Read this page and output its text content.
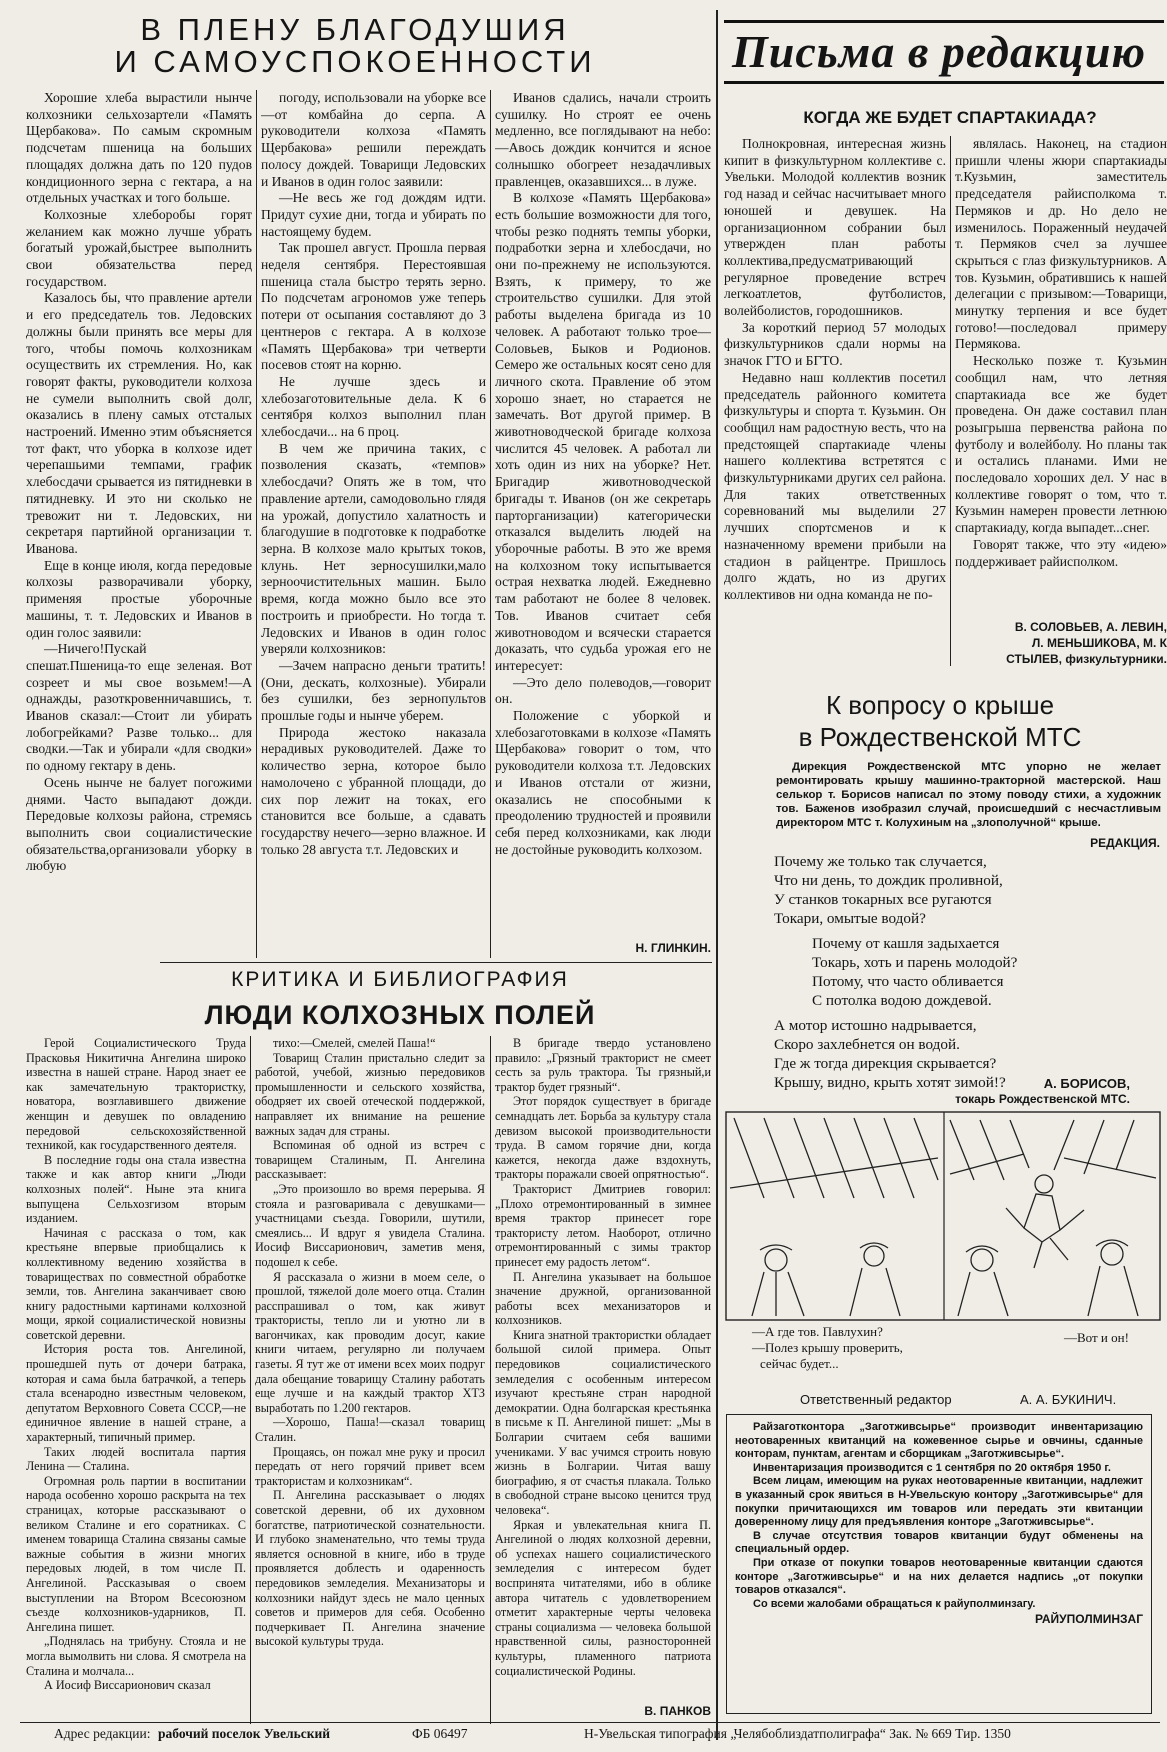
В ПЛЕНУ БЛАГОДУШИЯ
И САМОУСПОКОЕННОСТИ

Хорошие хлеба вырастили нынче колхозники сельхозартели «Память Щербакова». По самым скромным подсчетам пшеница на больших площадях должна дать по 120 пудов кондиционного зерна с гектара, а на отдельных участках и того больше.

Колхозные хлеборобы горят желанием как можно лучше убрать богатый урожай,быстрее выполнить свои обязательства перед государством.

Казалось бы, что правление артели и его председатель тов. Ледовских должны были принять все меры для того, чтобы помочь колхозникам осуществить их стремления. Но, как говорят факты, руководители колхоза не сумели выполнить свой долг, оказались в плену самых отсталых настроений. Именно этим объясняется тот факт, что уборка в колхозе идет черепашьими темпами, график хлебосдачи срывается из пятидневки в пятидневку. И это ни сколько не тревожит ни т. Ледовских, ни секретаря партийной организации т. Иванова.

Еще в конце июля, когда передовые колхозы разворачивали уборку, применяя простые уборочные машины, т. т. Ледовских и Иванов в один голос заявили:

—Ничего!Пускай спешат.Пшеница-то еще зеленая. Вот созреет и мы свое возьмем!—А однажды, разоткровенничавшись, т. Иванов сказал:—Стоит ли убирать лобогрейками? Разве только... для сводки.—Так и убирали «для сводки» по одному гектару в день.

Осень нынче не балует погожими днями. Часто выпадают дожди. Передовые колхозы района, стремясь выполнить свои социалистические обязательства,организовали уборку в любую

погоду, использовали на уборке все—от комбайна до серпа. А руководители колхоза «Память Щербакова» решили переждать полосу дождей. Товарищи Ледовских и Иванов в один голос заявили:

—Не весь же год дождям идти. Придут сухие дни, тогда и убирать по настоящему будем.

Так прошел август. Прошла первая неделя сентября. Перестоявшая пшеница стала быстро терять зерно. По подсчетам агрономов уже теперь потери от осыпания составляют до 3 центнеров с гектара. А в колхозе «Память Щербакова» три четверти посевов стоят на корню.

Не лучше здесь и хлебозаготовительные дела. К 6 сентября колхоз выполнил план хлебосдачи... на 6 проц.

В чем же причина таких, с позволения сказать, «темпов» хлебосдачи? Опять же в том, что правление артели, самодовольно глядя на урожай, допустило халатность и благодушие в подготовке к подработке зерна. В колхозе мало крытых токов, клунь. Нет зерносушилки,мало зерноочистительных машин. Было время, когда можно было все это построить и приобрести. Но тогда т. Ледовских и Иванов в один голос уверяли колхозников:

—Зачем напрасно деньги тратить! (Они, дескать, колхозные). Убирали без сушилки, без зернопультов прошлые годы и нынче уберем.

Природа жестоко наказала нерадивых руководителей. Даже то количество зерна, которое было намолочено с убранной площади, до сих пор лежит на токах, его становится все больше, а сдавать государству нечего—зерно влажное. И только 28 августа т.т. Ледовских и

Иванов сдались, начали строить сушилку. Но строят ее очень медленно, все поглядывают на небо:—Авось дождик кончится и ясное солнышко обогреет незадачливых правленцев, оказавшихся... в луже.

В колхозе «Память Щербакова» есть большие возможности для того, чтобы резко поднять темпы уборки, подработки зерна и хлебосдачи, но они по-прежнему не используются. Взять, к примеру, то же строительство сушилки. Для этой работы выделена бригада из 10 человек. А работают только трое—Соловьев, Быков и Родионов. Семеро же остальных косят сено для личного скота. Правление об этом хорошо знает, но старается не замечать. Вот другой пример. В животноводческой бригаде колхоза числится 45 человек. А работал ли хоть один из них на уборке? Нет. Бригадир животноводческой бригады т. Иванов (он же секретарь парторганизации) категорически отказался выделить людей на уборочные работы. В это же время на колхозном току испытывается острая нехватка людей. Ежедневно там работают не более 8 человек. Тов. Иванов считает себя животноводом и всячески старается доказать, что судьба урожая его не интересует:

—Это дело полеводов,—говорит он.

Положение с уборкой и хлебозаготовками в колхозе «Память Щербакова» говорит о том, что руководители колхоза т.т. Ледовских и Иванов отстали от жизни, оказались не способными к преодолению трудностей и проявили себя перед колхозниками, как люди не достойные руководить колхозом.

Н. ГЛИНКИН.
КРИТИКА И БИБЛИОГРАФИЯ
ЛЮДИ КОЛХОЗНЫХ ПОЛЕЙ

Герой Социалистического Труда Прасковья Никитична Ангелина широко известна в нашей стране. Народ знает ее как замечательную трактористку, новатора, возглавившего движение женщин и девушек по овладению передовой сельскохозяйственной техникой, как государственного деятеля.

В последние годы она стала известна также и как автор книги „Люди колхозных полей“. Ныне эта книга выпущена Сельхозгизом вторым изданием.

Начиная с рассказа о том, как крестьяне впервые приобщались к коллективному ведению хозяйства в товариществах по совместной обработке земли, тов. Ангелина заканчивает свою книгу радостными картинами колхозной мощи, яркой социалистической новизны советской деревни.

История роста тов. Ангелиной, прошедшей путь от дочери батрака, которая и сама была батрачкой, а теперь стала всенародно известным человеком, депутатом Верховного Совета СССР,—не единичное явление в нашей стране, а характерный, типичный пример.

Таких людей воспитала партия Ленина — Сталина.

Огромная роль партии в воспитании народа особенно хорошо раскрыта на тех страницах, которые рассказывают о великом Сталине и его соратниках. С именем товарища Сталина связаны самые важные события в жизни многих передовых людей, в том числе П. Ангелиной. Рассказывая о своем выступлении на Втором Всесоюзном съезде колхозников-ударников, П. Ангелина пишет.

„Поднялась на трибуну. Стояла и не могла вымолвить ни слова. Я смотрела на Сталина и молчала...

А Иосиф Виссарионович сказал

тихо:—Смелей, смелей Паша!“

Товарищ Сталин пристально следит за работой, учебой, жизнью передовиков промышленности и сельского хозяйства, ободряет их своей отеческой поддержкой, направляет их внимание на решение важных задач для страны.

Вспоминая об одной из встреч с товарищем Сталиным, П. Ангелина рассказывает:

„Это произошло во время перерыва. Я стояла и разговаривала с девушками—участницами съезда. Говорили, шутили, смеялись... И вдруг я увидела Сталина. Иосиф Виссарионович, заметив меня, подошел к себе.

Я рассказала о жизни в моем селе, о прошлой, тяжелой доле моего отца. Сталин расспрашивал о том, как живут трактористы, тепло ли и уютно ли в вагончиках, как проводим досуг, какие книги читаем, регулярно ли получаем газеты. Я тут же от имени всех моих подруг дала обещание товарищу Сталину работать еще лучше и на каждый трактор ХТЗ выработать по 1.200 гектаров.

—Хорошо, Паша!—сказал товарищ Сталин.

Прощаясь, он пожал мне руку и просил передать от него горячий привет всем трактористам и колхозникам“.

П. Ангелина рассказывает о людях советской деревни, об их духовном богатстве, патриотической сознательности. И глубоко знаменательно, что темы труда является основной в книге, ибо в труде проявляется доблесть и одаренность передовиков земледелия. Механизаторы и колхозники найдут здесь не мало ценных советов и примеров для себя. Особенно подчеркивает П. Ангелина значение высокой культуры труда.

В бригаде твердо установлено правило: „Грязный тракторист не смеет сесть за руль трактора. Ты грязный,и трактор будет грязный“.

Этот порядок существует в бригаде семнадцать лет. Борьба за культуру стала девизом высокой производительности труда. В самом горячие дни, когда кажется, некогда даже вздохнуть, тракторы поражали своей опрятностью“.

Тракторист Дмитриев говорил: „Плохо отремонтированный в зимнее время трактор принесет горе трактористу летом. Наоборот, отлично отремонтированный с зимы трактор принесет ему радость летом“.

П. Ангелина указывает на большое значение дружной, организованной работы всех механизаторов и колхозников.

Книга знатной трактористки обладает большой силой примера. Опыт передовиков социалистического земледелия с особенным интересом изучают крестьяне стран народной демократии. Одна болгарская крестьянка в письме к П. Ангелиной пишет: „Мы в Болгарии считаем себя вашими учениками. У вас учимся строить новую жизнь в Болгарии. Читая вашу биографию, я от счастья плакала. Только в свободной стране высоко ценится труд человека“.

Яркая и увлекательная книга П. Ангелиной о людях колхозной деревни, об успехах нашего социалистического земледелия с интересом будет воспринята читателями, ибо в облике автора читатель с удовлетворением отметит характерные черты человека страны социализма — человека большой нравственной силы, разносторонней культуры, пламенного патриота социалистической Родины.

В. ПАНКОВ
Письма в редакцию
КОГДА ЖЕ БУДЕТ СПАРТАКИАДА?

Полнокровная, интересная жизнь кипит в физкультурном коллективе с. Увельки. Молодой коллектив возник год назад и сейчас насчитывает много юношей и девушек. На организационном собрании был утвержден план работы коллектива,предусматривающий регулярное проведение встреч легкоатлетов, футболистов, волейболистов, городошников.

За короткий период 57 молодых физкультурников сдали нормы на значок ГТО и БГТО.

Недавно наш коллектив посетил председатель районного комитета физкультуры и спорта т. Кузьмин. Он сообщил нам радостную весть, что на предстоящей спартакиаде члены нашего коллектива встретятся с физкультурниками других сел района. Для таких ответственных соревнований мы выделили 27 лучших спортсменов и к назначенному времени прибыли на стадион в райцентре. Пришлось долго ждать, но из других коллективов ни одна команда не по-

являлась. Наконец, на стадион пришли члены жюри спартакиады т.Кузьмин, заместитель председателя райисполкома т. Пермяков и др. Но дело не изменилось. Пораженный неудачей т. Пермяков счел за лучшее скрыться с глаз физкультурников. А тов. Кузьмин, обратившись к нашей делегации с призывом:—Товарищи, минутку терпения и все будет готово!—последовал примеру Пермякова.

Несколько позже т. Кузьмин сообщил нам, что летняя спартакиада все же будет проведена. Он даже составил план розыгрыша первенства района по футболу и волейболу. Но планы так и остались планами. Ими не последовало хороших дел. У нас в коллективе говорят о том, что т. Кузьмин намерен провести летнюю спартакиаду, когда выпадет...снег.

Говорят также, что эту «идею» поддерживает райисполком.

В. СОЛОВЬЕВ, А. ЛЕВИН,
Л. МЕНЬШИКОВА, М. К
СТЫЛЕВ, физкультурники.
К вопросу о крыше
в Рождественской МТС
Дирекция Рождественской МТС упорно не желает ремонтировать крышу машинно-тракторной мастерской. Наш селькор т. Борисов написал по этому поводу стихи, а художник тов. Баженов изобразил случай, происшедший с несчастливым директором МТС т. Колухиным на „злополучной“ крыше.
РЕДАКЦИЯ.

Почему же только так случается,

Что ни день, то дождик проливной,

У станков токарных все ругаются

Токари, омытые водой?

Почему от кашля задыхается

Токарь, хоть и парень молодой?

Потому, что часто обливается

С потолка водою дождевой.

А мотор истошно надрывается,

Скоро захлебнется он водой.

Где ж тогда дирекция скрывается?

Крышу, видно, крыть хотят зимой!?	А. БОРИСОВ,
токарь Рождественской МТС.
—А где тов. Павлухин?
—Полез крышу проверить,
сейчас будет...
—Вот и он!
Ответственный редактор	А. А. БУКИНИЧ.

Райзаготконтора „Заготживсырье“ производит инвентаризацию неотоваренных квитанций на кожевенное сырье и овчины, сданные конторам, пунктам, агентам и сборщикам „Заготживсырье“.

Инвентаризация производится с 1 сентября по 20 октября 1950 г.

Всем лицам, имеющим на руках неотоваренные квитанции, надлежит в указанный срок явиться в Н-Увельскую контору „Заготживсырье“ для покупки причитающихся им товаров или передать эти квитанции доверенному лицу для предъявления конторе „Заготживсырье“.

В случае отсутствия товаров квитанции будут обменены на специальный ордер.

При отказе от покупки товаров неотоваренные квитанции сдаются конторе „Заготживсырье“ и на них делается надпись „от покупки товаров отказался“.

Со всеми жалобами обращаться к райуполминзагу.

РАЙУПОЛМИНЗАГ
Адрес редакции: рабочий поселок Увельский	ФБ 06497	Н-Увельская типография „Челябоблиздатполиграфа“ Зак. № 669 Тир. 1350
